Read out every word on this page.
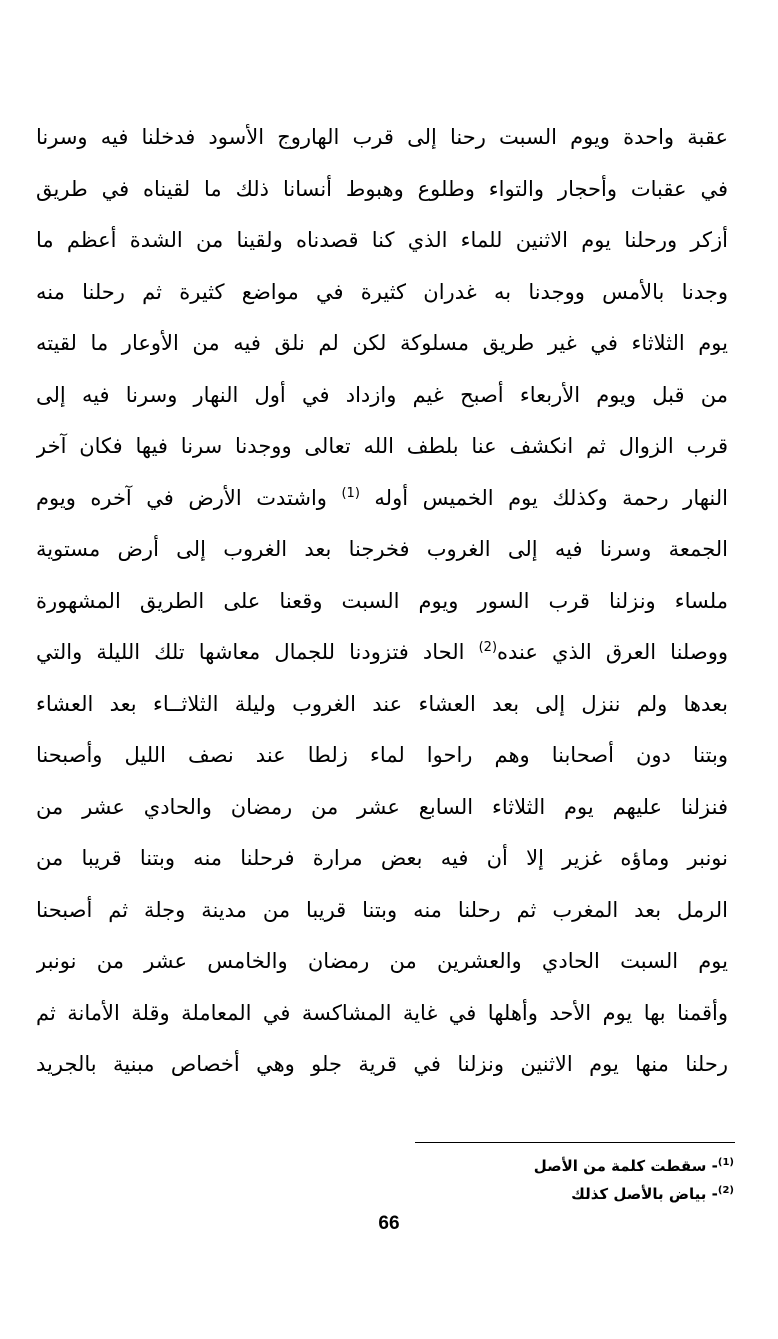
عقبة واحدة ويوم السبت رحنا إلى قرب الهاروج الأسود فدخلنا فيه وسرنا
في عقبات وأحجار والتواء وطلوع وهبوط أنسانا ذلك ما لقيناه في طريق
أزكر ورحلنا يوم الاثنين للماء الذي كنا قصدناه ولقينا من الشدة أعظم ما
وجدنا بالأمس ووجدنا به غدران كثيرة في مواضع كثيرة ثم رحلنا منه
يوم الثلاثاء في غير طريق مسلوكة لكن لم نلق فيه من الأوعار ما لقيته
من قبل ويوم الأربعاء أصبح غيم وازداد في أول النهار وسرنا فيه إلى
قرب الزوال ثم انكشف عنا بلطف الله تعالى ووجدنا سرنا فيها فكان آخر
النهار رحمة وكذلك يوم الخميس أوله $^{(1)}$ واشتدت الأرض في آخره ويوم
الجمعة وسرنا فيه إلى الغروب فخرجنا بعد الغروب إلى أرض مستوية
ملساء ونزلنا قرب السور ويوم السبت وقعنا على الطريق المشهورة
ووصلنا العرق الذي عنده$^{(2)}$ الحاد فتزودنا للجمال معاشها تلك الليلة والتي
بعدها ولم ننزل إلى بعد العشاء عند الغروب وليلة الثلاثــاء بعد العشاء
وبتنا دون أصحابنا وهم راحوا لماء زلطا عند نصف الليل وأصبحنا
فنزلنا عليهم يوم الثلاثاء السابع عشر من رمضان والحادي عشر من
نونبر وماؤه غزير إلا أن فيه بعض مرارة فرحلنا منه وبتنا قريبا من
الرمل بعد المغرب ثم رحلنا منه وبتنا قريبا من مدينة وجلة ثم أصبحنا
يوم السبت الحادي والعشرين من رمضان والخامس عشر من نونبر
وأقمنا بها يوم الأحد وأهلها في غاية المشاكسة في المعاملة وقلة الأمانة ثم
رحلنا منها يوم الاثنين ونزلنا في قرية جلو وهي أخصاص مبنية بالجريد
$^{(1)}$- سقطت كلمة من الأصل
$^{(2)}$- بياض بالأصل كذلك
66
